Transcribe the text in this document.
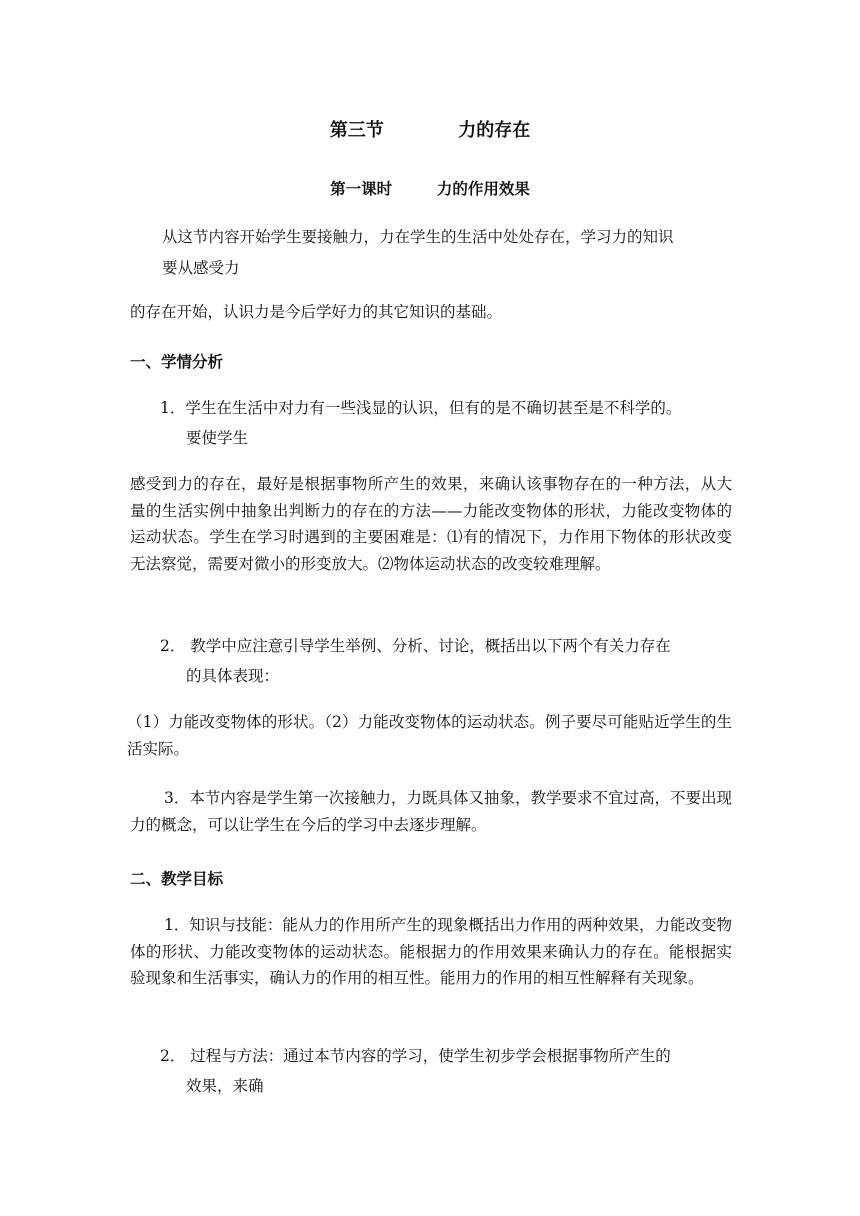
第三节	力的存在
第一课时	力的作用效果
从这节内容开始学生要接触力，力在学生的生活中处处存在，学习力的知识
要从感受力
的存在开始，认识力是今后学好力的其它知识的基础。
一、学情分析
1．学生在生活中对力有一些浅显的认识，但有的是不确切甚至是不科学的。
要使学生
感受到力的存在，最好是根据事物所产生的效果，来确认该事物存在的一种方法，从大量的生活实例中抽象出判断力的存在的方法——力能改变物体的形状，力能改变物体的运动状态。学生在学习时遇到的主要困难是：⑴有的情况下，力作用下物体的形状改变无法察觉，需要对微小的形变放大。⑵物体运动状态的改变较难理解。
2． 教学中应注意引导学生举例、分析、讨论，概括出以下两个有关力存在
的具体表现：
（1）力能改变物体的形状。（2）力能改变物体的运动状态。例子要尽可能贴近学生的生活实际。
3．本节内容是学生第一次接触力，力既具体又抽象，教学要求不宜过高，不要出现力的概念，可以让学生在今后的学习中去逐步理解。
二、教学目标
1．知识与技能：能从力的作用所产生的现象概括出力作用的两种效果，力能改变物体的形状、力能改变物体的运动状态。能根据力的作用效果来确认力的存在。能根据实验现象和生活事实，确认力的作用的相互性。能用力的作用的相互性解释有关现象。
2． 过程与方法：通过本节内容的学习，使学生初步学会根据事物所产生的
效果，来确
